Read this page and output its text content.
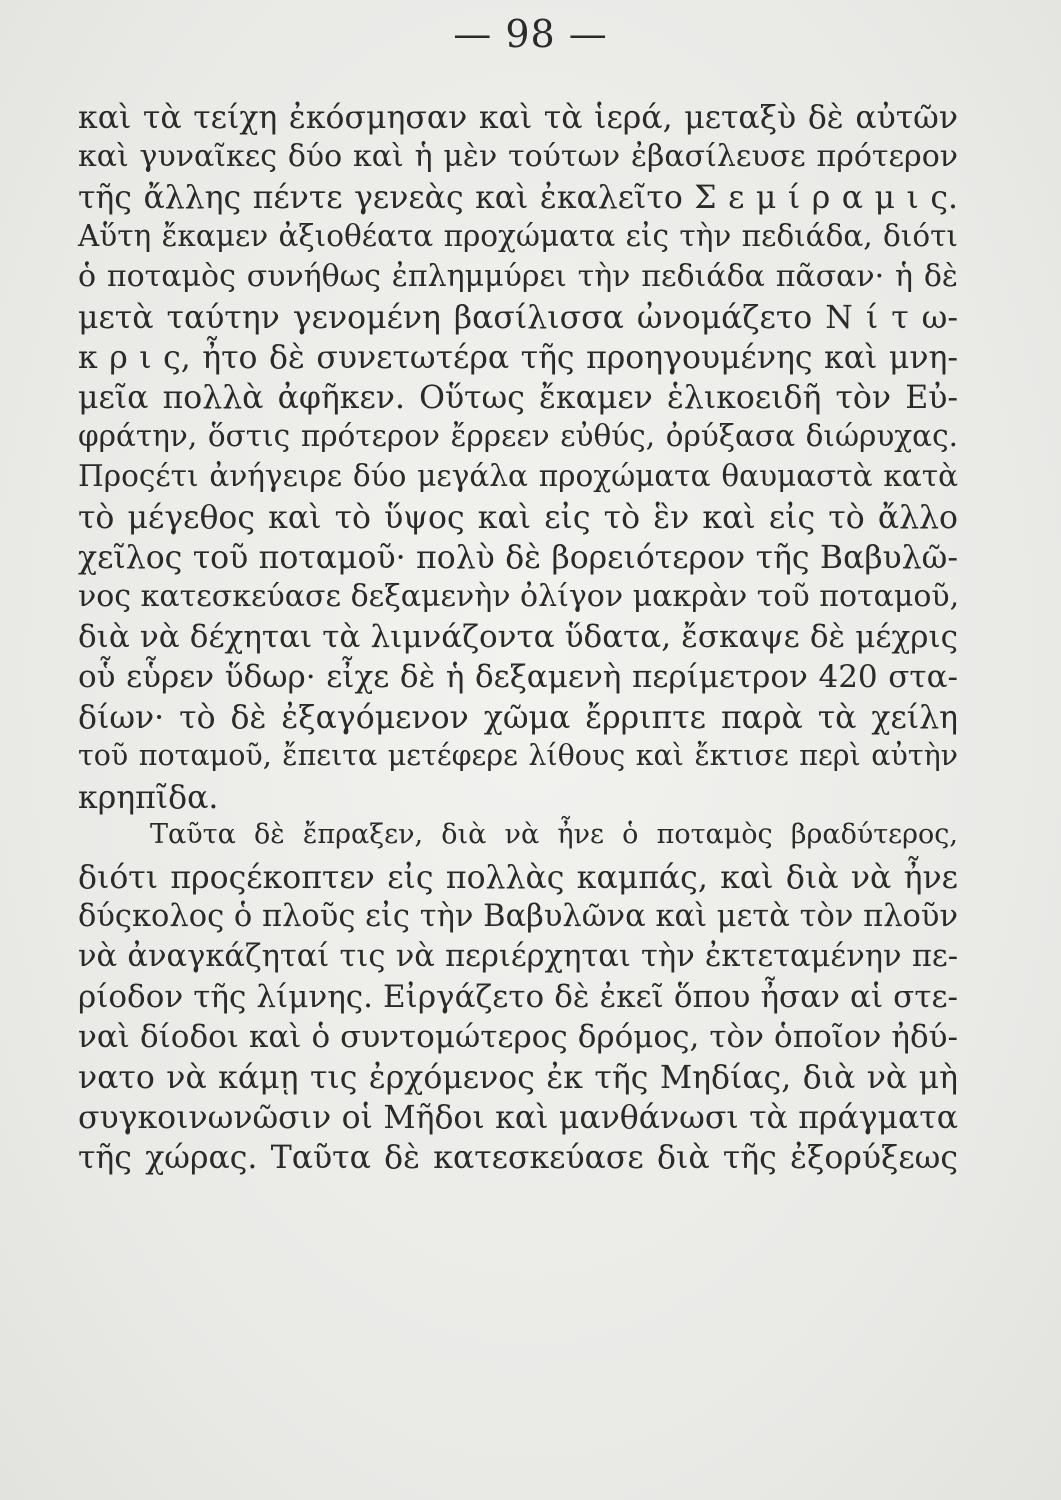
— 98 —
καὶ τὰ τείχη ἐκόσμησαν καὶ τὰ ἱερά, μεταξὺ δὲ αὐτῶν
καὶ γυναῖκες δύο καὶ ἡ μὲν τούτων ἐβασίλευσε πρότερον
τῆς ἄλλης πέντε γενεὰς καὶ ἐκαλεῖτο Σ ε μ ί ρ α μ ι ς.
Αὕτη ἔκαμεν ἀξιοθέατα προχώματα εἰς τὴν πεδιάδα, διότι
ὁ ποταμὸς συνήθως ἐπλημμύρει τὴν πεδιάδα πᾶσαν· ἡ δὲ
μετὰ ταύτην γενομένη βασίλισσα ὠνομάζετο Ν ί τ ω-
κ ρ ι ς, ἦτο δὲ συνετωτέρα τῆς προηγουμένης καὶ μνη-
μεῖα πολλὰ ἀφῆκεν. Οὕτως ἔκαμεν ἑλικοειδῆ τὸν Εὐ-
φράτην, ὅστις πρότερον ἔρρεεν εὐθύς, ὀρύξασα διώρυχας.
Προςέτι ἀνήγειρε δύο μεγάλα προχώματα θαυμαστὰ κατὰ
τὸ μέγεθος καὶ τὸ ὕψος καὶ εἰς τὸ ἓν καὶ εἰς τὸ ἄλλο
χεῖλος τοῦ ποταμοῦ· πολὺ δὲ βορειότερον τῆς Βαβυλῶ-
νος κατεσκεύασε δεξαμενὴν ὀλίγον μακρὰν τοῦ ποταμοῦ,
διὰ νὰ δέχηται τὰ λιμνάζοντα ὕδατα, ἔσκαψε δὲ μέχρις
οὗ εὗρεν ὕδωρ· εἶχε δὲ ἡ δεξαμενὴ περίμετρον 420 στα-
δίων· τὸ δὲ ἐξαγόμενον χῶμα ἔρριπτε παρὰ τὰ χείλη
τοῦ ποταμοῦ, ἔπειτα μετέφερε λίθους καὶ ἔκτισε περὶ αὐτὴν
κρηπῖδα.
Ταῦτα δὲ ἔπραξεν, διὰ νὰ ἦνε ὁ ποταμὸς βραδύτερος,
διότι προςέκοπτεν εἰς πολλὰς καμπάς, καὶ διὰ νὰ ἦνε
δύςκολος ὁ πλοῦς εἰς τὴν Βαβυλῶνα καὶ μετὰ τὸν πλοῦν
νὰ ἀναγκάζηταί τις νὰ περιέρχηται τὴν ἐκτεταμένην πε-
ρίοδον τῆς λίμνης. Εἰργάζετο δὲ ἐκεῖ ὅπου ἦσαν αἱ στε-
ναὶ δίοδοι καὶ ὁ συντομώτερος δρόμος, τὸν ὁποῖον ἠδύ-
νατο νὰ κάμῃ τις ἐρχόμενος ἐκ τῆς Μηδίας, διὰ νὰ μὴ
συγκοινωνῶσιν οἱ Μῆδοι καὶ μανθάνωσι τὰ πράγματα
τῆς χώρας. Ταῦτα δὲ κατεσκεύασε διὰ τῆς ἐξορύξεως
